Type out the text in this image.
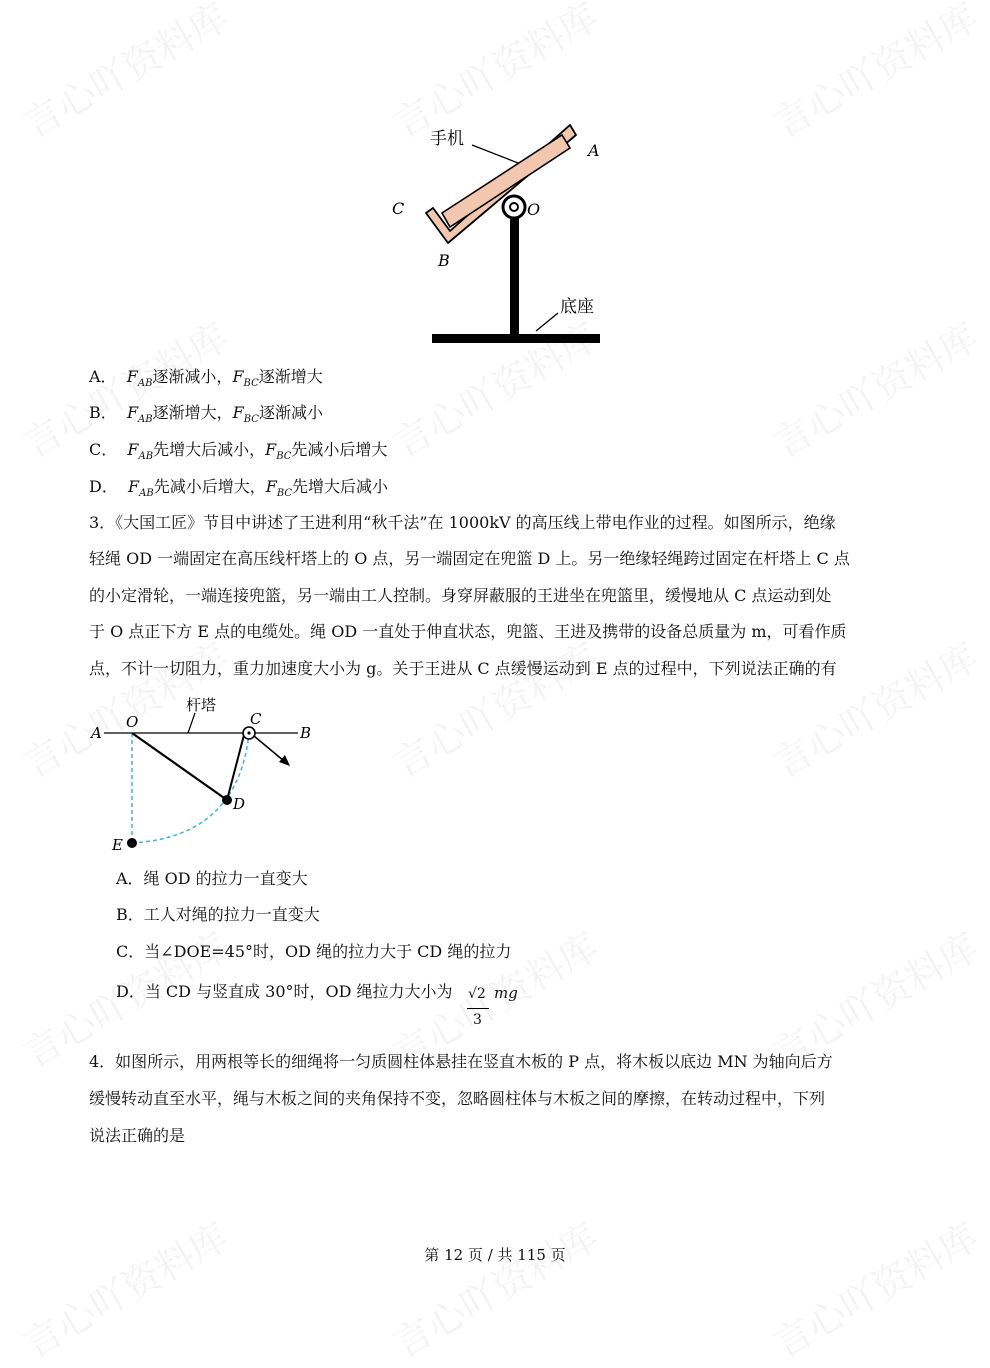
手机
A
C	O
B
底座
A． $F_{AB}$逐渐减小，$F_{BC}$逐渐增大
B． $F_{AB}$逐渐增大，$F_{BC}$逐渐减小
C． $F_{AB}$先增大后减小，$F_{BC}$先减小后增大
D． $F_{AB}$先减小后增大，$F_{BC}$先增大后减小
3．《大国工匠》节目中讲述了王进利用“秋千法”在 1000kV 的高压线上带电作业的过程。如图所示，绝缘
轻绳 OD 一端固定在高压线杆塔上的 O 点，另一端固定在兜篮 D 上。另一绝缘轻绳跨过固定在杆塔上 C 点
的小定滑轮，一端连接兜篮，另一端由工人控制。身穿屏蔽服的王进坐在兜篮里，缓慢地从 C 点运动到处
于 O 点正下方 E 点的电缆处。绳 OD 一直处于伸直状态，兜篮、王进及携带的设备总质量为 m，可看作质
点，不计一切阻力，重力加速度大小为 g。关于王进从 C 点缓慢运动到 E 点的过程中，下列说法正确的有
A
O
杆塔
C
B
D
E
A．绳 OD 的拉力一直变大
B．工人对绳的拉力一直变大
C．当∠DOE=45°时，OD 绳的拉力大于 CD 绳的拉力
D．当 CD 与竖直成 30°时，OD 绳拉力大小为 √2
3
mg
4．如图所示，用两根等长的细绳将一匀质圆柱体悬挂在竖直木板的 P 点，将木板以底边 MN 为轴向后方
缓慢转动直至水平，绳与木板之间的夹角保持不变，忽略圆柱体与木板之间的摩擦，在转动过程中，下列
说法正确的是
第 12 页 / 共 115 页
